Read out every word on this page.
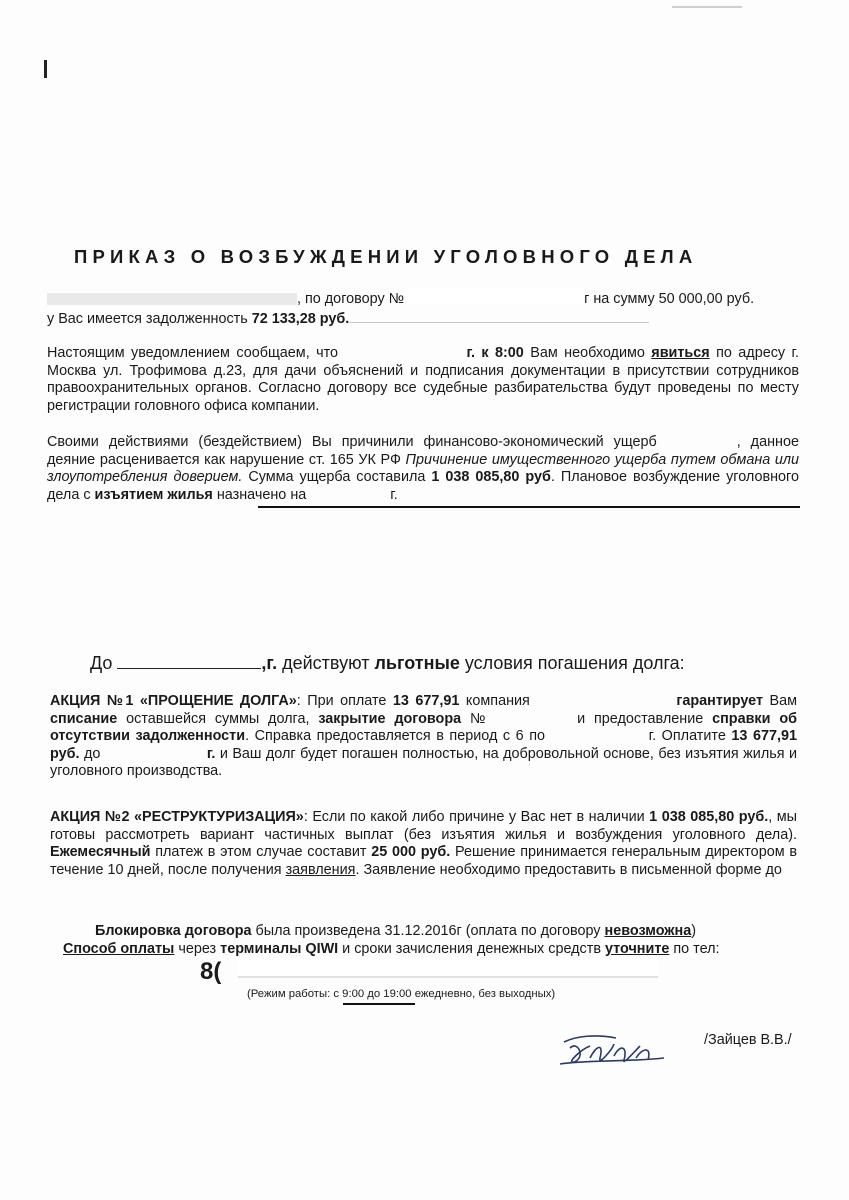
ПРИКАЗ О ВОЗБУЖДЕНИИ УГОЛОВНОГО ДЕЛА
, по договору №	г на сумму 50 000,00 руб.
у Вас имеется задолженность 72 133,28 руб.
Настоящим уведомлением сообщаем, что	г. к 8:00 Вам необходимо явиться по адресу г. Москва ул. Трофимова д.23, для дачи объяснений и подписания документации в присутствии сотрудников правоохранительных органов. Согласно договору все судебные разбирательства будут проведены по месту регистрации головного офиса компании.
Своими действиями (бездействием) Вы причинили финансово-экономический ущерб	, данное деяние расценивается как нарушение ст. 165 УК РФ Причинение имущественного ущерба путем обмана или злоупотребления доверием. Сумма ущерба составила 1 038 085,80 руб. Плановое возбуждение уголовного дела с изъятием жилья назначено на	г.
До	,г. действуют льготные условия погашения долга:
АКЦИЯ №1 «ПРОЩЕНИЕ ДОЛГА»: При оплате 13 677,91 компания	гарантирует Вам списание оставшейся суммы долга, закрытие договора №	и предоставление справки об отсутствии задолженности. Справка предоставляется в период с 6 по	г. Оплатите 13 677,91 руб. до	г. и Ваш долг будет погашен полностью, на добровольной основе, без изъятия жилья и уголовного производства.
АКЦИЯ №2 «РЕСТРУКТУРИЗАЦИЯ»: Если по какой либо причине у Вас нет в наличии 1 038 085,80 руб., мы готовы рассмотреть вариант частичных выплат (без изъятия жилья и возбуждения уголовного дела). Ежемесячный платеж в этом случае составит 25 000 руб. Решение принимается генеральным директором в течение 10 дней, после получения заявления. Заявление необходимо предоставить в письменной форме до
Блокировка договора была произведена 31.12.2016г (оплата по договору невозможна)
Способ оплаты через терминалы QIWI и сроки зачисления денежных средств уточните по тел:
8(
(Режим работы: с 9:00 до 19:00 ежедневно, без выходных)
/Зайцев В.В./
